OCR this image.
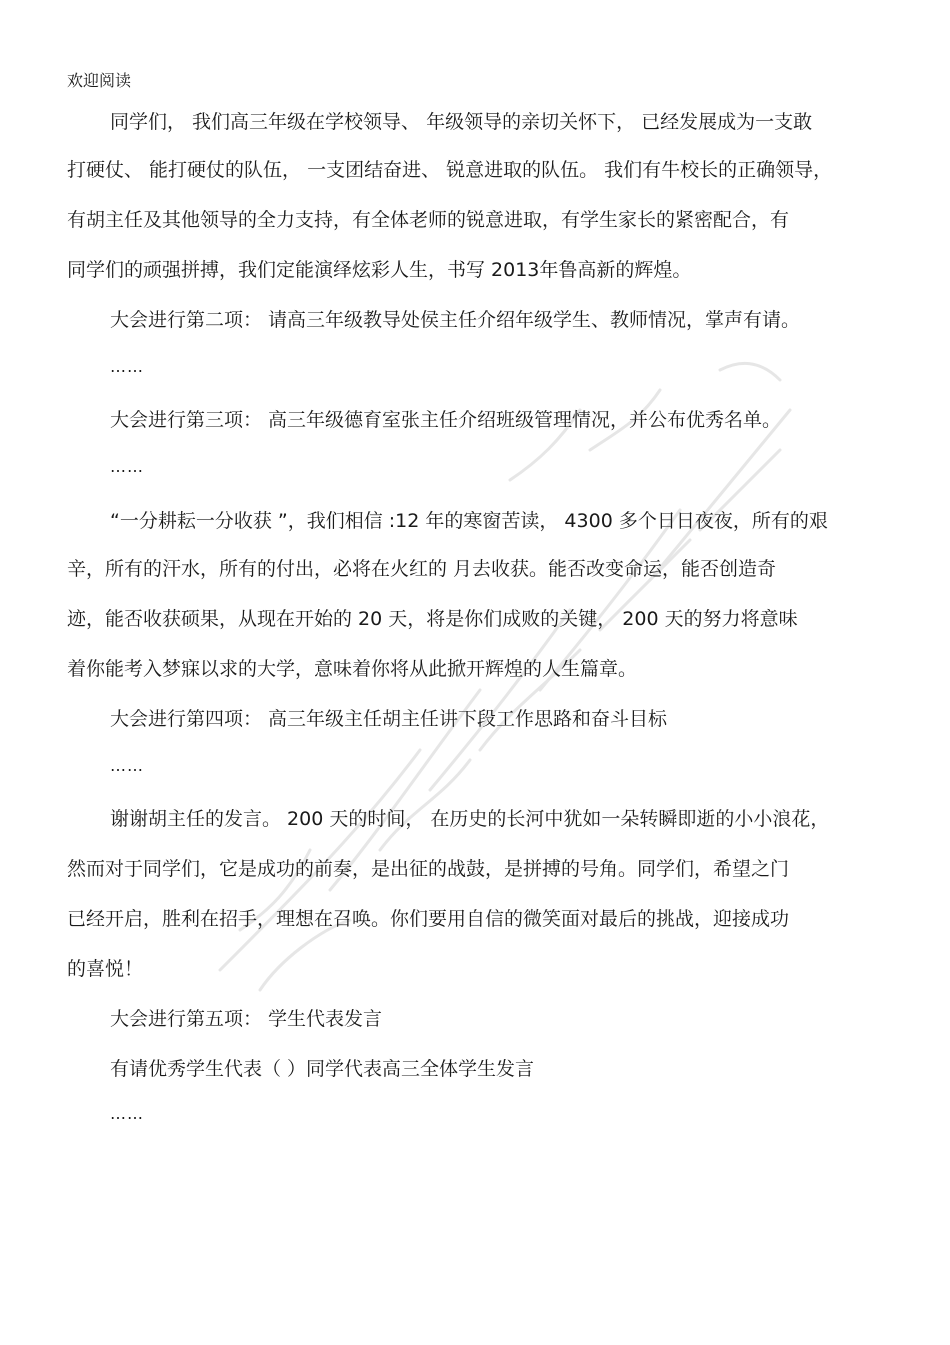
欢迎阅读
同学们， 我们高三年级在学校领导、 年级领导的亲切关怀下， 已经发展成为一支敢
打硬仗、 能打硬仗的队伍， 一支团结奋进、 锐意进取的队伍。 我们有牛校长的正确领导，
有胡主任及其他领导的全力支持，有全体老师的锐意进取，有学生家长的紧密配合，有
同学们的顽强拼搏，我们定能演绎炫彩人生，书写 2013年鲁高新的辉煌。
大会进行第二项： 请高三年级教导处侯主任介绍年级学生、教师情况，掌声有请。
……
大会进行第三项： 高三年级德育室张主任介绍班级管理情况，并公布优秀名单。
……
“一分耕耘一分收获 ”，我们相信 :12 年的寒窗苦读， 4300 多个日日夜夜，所有的艰
辛，所有的汗水，所有的付出，必将在火红的 月去收获。能否改变命运，能否创造奇
迹，能否收获硕果，从现在开始的 20 天，将是你们成败的关键， 200 天的努力将意味
着你能考入梦寐以求的大学，意味着你将从此掀开辉煌的人生篇章。
大会进行第四项： 高三年级主任胡主任讲下段工作思路和奋斗目标
……
谢谢胡主任的发言。 200 天的时间， 在历史的长河中犹如一朵转瞬即逝的小小浪花，
然而对于同学们，它是成功的前奏，是出征的战鼓，是拼搏的号角。同学们，希望之门
已经开启，胜利在招手，理想在召唤。你们要用自信的微笑面对最后的挑战，迎接成功
的喜悦！
大会进行第五项： 学生代表发言
有请优秀学生代表（ ）同学代表高三全体学生发言
……
